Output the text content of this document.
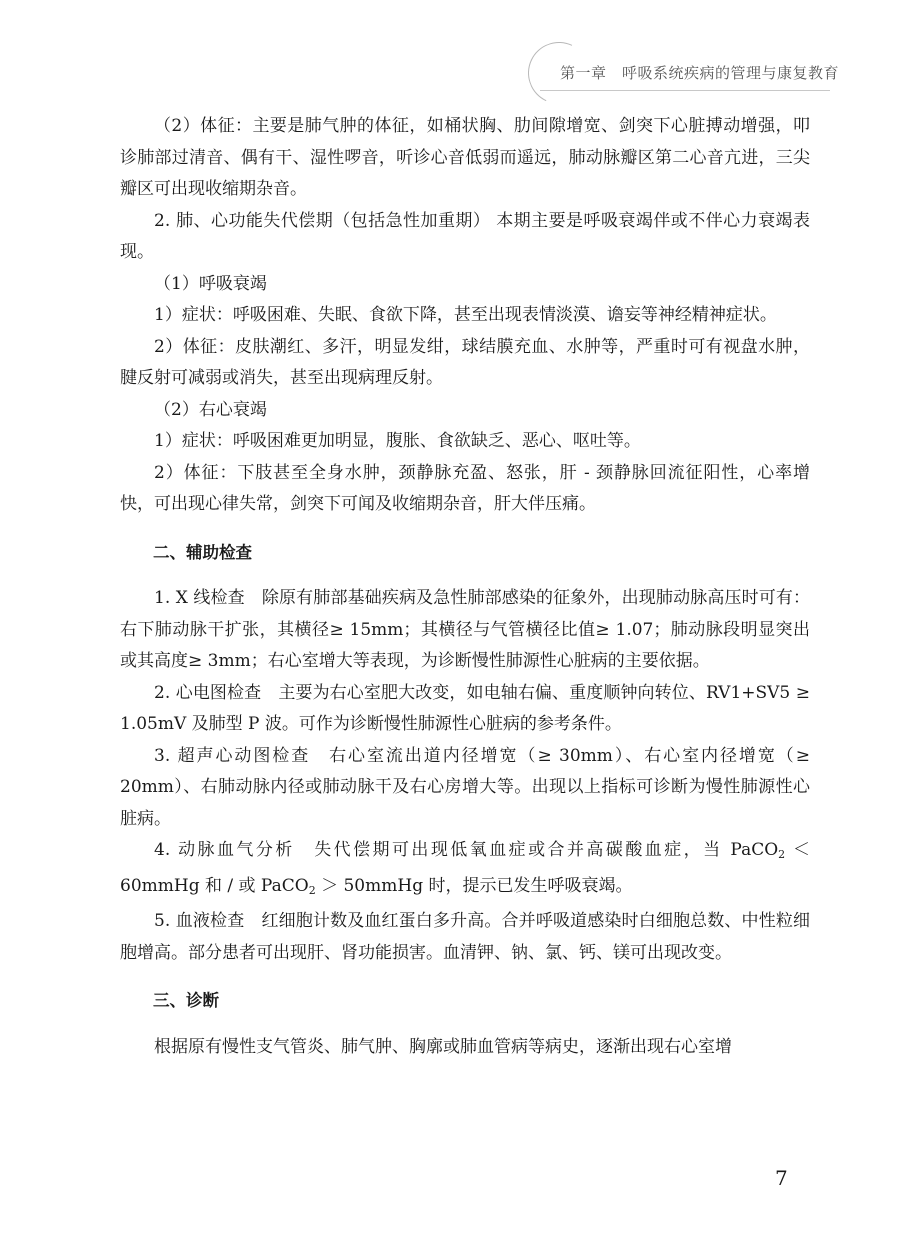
第一章　呼吸系统疾病的管理与康复教育

（2）体征：主要是肺气肿的体征，如桶状胸、肋间隙增宽、剑突下心脏搏动增强，叩诊肺部过清音、偶有干、湿性啰音，听诊心音低弱而遥远，肺动脉瓣区第二心音亢进，三尖瓣区可出现收缩期杂音。

2. 肺、心功能失代偿期（包括急性加重期） 本期主要是呼吸衰竭伴或不伴心力衰竭表现。

（1）呼吸衰竭

1）症状：呼吸困难、失眠、食欲下降，甚至出现表情淡漠、谵妄等神经精神症状。

2）体征：皮肤潮红、多汗，明显发绀，球结膜充血、水肿等，严重时可有视盘水肿，腱反射可减弱或消失，甚至出现病理反射。

（2）右心衰竭

1）症状：呼吸困难更加明显，腹胀、食欲缺乏、恶心、呕吐等。

2）体征：下肢甚至全身水肿，颈静脉充盈、怒张，肝 - 颈静脉回流征阳性，心率增快，可出现心律失常，剑突下可闻及收缩期杂音，肝大伴压痛。

二、辅助检查

1. X 线检查　除原有肺部基础疾病及急性肺部感染的征象外，出现肺动脉高压时可有：右下肺动脉干扩张，其横径≥ 15mm；其横径与气管横径比值≥ 1.07；肺动脉段明显突出或其高度≥ 3mm；右心室增大等表现，为诊断慢性肺源性心脏病的主要依据。

2. 心电图检查　主要为右心室肥大改变，如电轴右偏、重度顺钟向转位、RV1+SV5 ≥ 1.05mV 及肺型 P 波。可作为诊断慢性肺源性心脏病的参考条件。

3. 超声心动图检查　右心室流出道内径增宽（≥ 30mm）、右心室内径增宽（≥ 20mm）、右肺动脉内径或肺动脉干及右心房增大等。出现以上指标可诊断为慢性肺源性心脏病。

4. 动脉血气分析　失代偿期可出现低氧血症或合并高碳酸血症，当 PaCO$_2$ ＜ 60mmHg 和 / 或 PaCO$_2$ ＞ 50mmHg 时，提示已发生呼吸衰竭。

5. 血液检查　红细胞计数及血红蛋白多升高。合并呼吸道感染时白细胞总数、中性粒细胞增高。部分患者可出现肝、肾功能损害。血清钾、钠、氯、钙、镁可出现改变。

三、诊断

根据原有慢性支气管炎、肺气肿、胸廓或肺血管病等病史，逐渐出现右心室增

7
